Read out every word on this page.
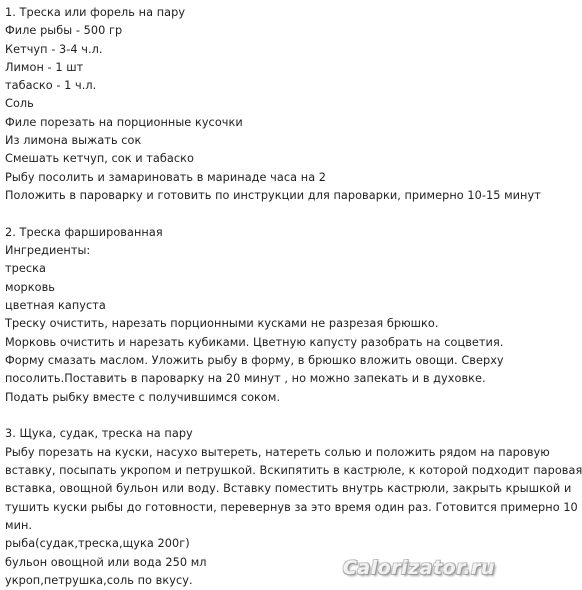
1. Треска или форель на пару
Филе рыбы - 500 гр
Кетчуп - 3-4 ч.л.
Лимон - 1 шт
табаско - 1 ч.л.
Соль
Филе порезать на порционные кусочки
Из лимона выжать сок
Смешать кетчуп, сок и табаско
Рыбу посолить и замариновать в маринаде часа на 2
Положить в пароварку и готовить по инструкции для пароварки, примерно 10-15 минут
2. Треска фаршированная
Ингредиенты:
треска
морковь
цветная капуста
Треску очистить, нарезать порционными кусками не разрезая брюшко.
Морковь очистить и нарезать кубиками. Цветную капусту разобрать на соцветия.
Форму смазать маслом. Уложить рыбу в форму, в брюшко вложить овощи. Сверху
посолить.Поставить в пароварку на 20 минут , но можно запекать и в духовке.
Подать рыбку вместе с получившимся соком.
3. Щука, судак, треска на пару
Рыбу порезать на куски, насухо вытереть, натереть солью и положить рядом на паровую
вставку, посыпать укропом и петрушкой. Вскипятить в кастрюле, к которой подходит паровая
вставка, овощной бульон или воду. Вставку поместить внутрь кастрюли, закрыть крышкой и
тушить куски рыбы до готовности, перевернув за это время один раз. Готовится примерно 10
мин.
рыба(судак,треска,щука 200г)
бульон овощной или вода 250 мл
укроп,петрушка,соль по вкусу.
Calorizator.ru
